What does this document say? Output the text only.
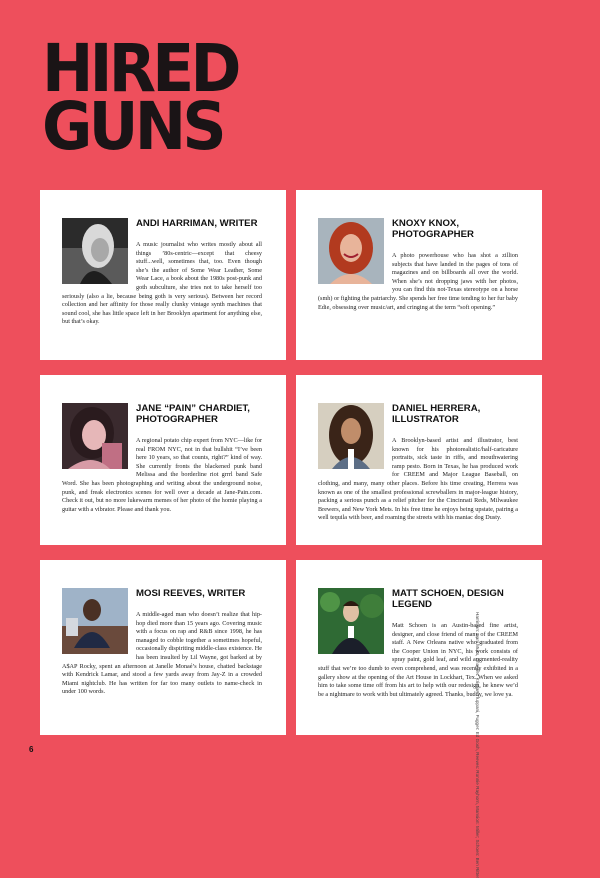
HIRED
GUNS
ANDI HARRIMAN, WRITER

A music journalist who writes mostly about all things ’80s-centric—except that cheesy stuff...well, sometimes that, too. Even though she’s the author of Some Wear Leather, Some Wear Lace, a book about the 1980s post-punk and goth subculture, she tries not to take herself too seriously (also a lie, because being goth is very serious). Between her record collection and her affinity for those really clunky vintage synth machines that sound cool, she has little space left in her Brooklyn apartment for anything else, but that’s okay.

KNOXY KNOX, PHOTOGRAPHER

A photo powerhouse who has shot a zillion subjects that have landed in the pages of tons of magazines and on billboards all over the world. When she’s not dropping jaws with her photos, you can find this not-Texas stereotype on a horse (smh) or fighting the patriarchy. She spends her free time tending to her fur baby Edie, obsessing over music/art, and cringing at the term “soft opening.”

JANE “PAIN” CHARDIET, PHOTOGRAPHER

A regional potato chip expert from NYC—like for real FROM NYC, not in that bullshit “I’ve been here 10 years, so that counts, right?” kind of way. She currently fronts the blackened punk band Melissa and the borderline riot grrrl band Safe Word. She has been photographing and writing about the underground noise, punk, and freak electronics scenes for well over a decade at Jane-Pain.com. Check it out, but no more lukewarm memes of her photo of the homie playing a guitar with a vibrator. Please and thank you.

DANIEL HERRERA, ILLUSTRATOR

A Brooklyn-based artist and illustrator, best known for his photorealistic/half-caricature portraits, sick taste in riffs, and mouthwatering ramp pesto. Born in Texas, he has produced work for CREEM and Major League Baseball, on clothing, and many, many other places. Before his time creating, Herrera was known as one of the smallest professional screwballers in major-league history, packing a serious punch as a relief pitcher for the Cincinnati Reds, Milwaukee Brewers, and New York Mets. In his free time he enjoys being upstate, pairing a well tequila with beer, and roaming the streets with his maniac dog Dusty.

MOSI REEVES, WRITER

A middle-aged man who doesn’t realize that hip-hop died more than 15 years ago. Covering music with a focus on rap and R&B since 1998, he has managed to cobble together a sometimes hopeful, occasionally dispiriting middle-class existence. He has been insulted by Lil Wayne, got barked at by A$AP Rocky, spent an afternoon at Janelle Monaé’s house, chatted backstage with Kendrick Lamar, and stood a few yards away from Jay-Z in a crowded Miami nightclub. He has written for far too many outlets to name-check in under 100 words.

MATT SCHOEN, DESIGN LEGEND

Matt Schoen is an Austin-based fine artist, designer, and close friend of many of the CREEM staff. A New Orleans native who graduated from the Cooper Union in NYC, his work consists of spray paint, gold leaf, and wild augmented-reality stuff that we’re too dumb to even comprehend, and was recently exhibited in a gallery show at the opening of the Art House in Lockhart, Tex. When we asked him to take some time off from his art to help with our redesign, he knew we’d be a nightmare to work with but ultimately agreed. Thanks, buddy, we love ya.

6	Harriman: Dani Muks, Chardiet: Kristian Truppani, Fugger: Ed Gosh, Reeves: Ronnie Rayhorn, Mansion: Miller; Schoen: Ben Ritter
